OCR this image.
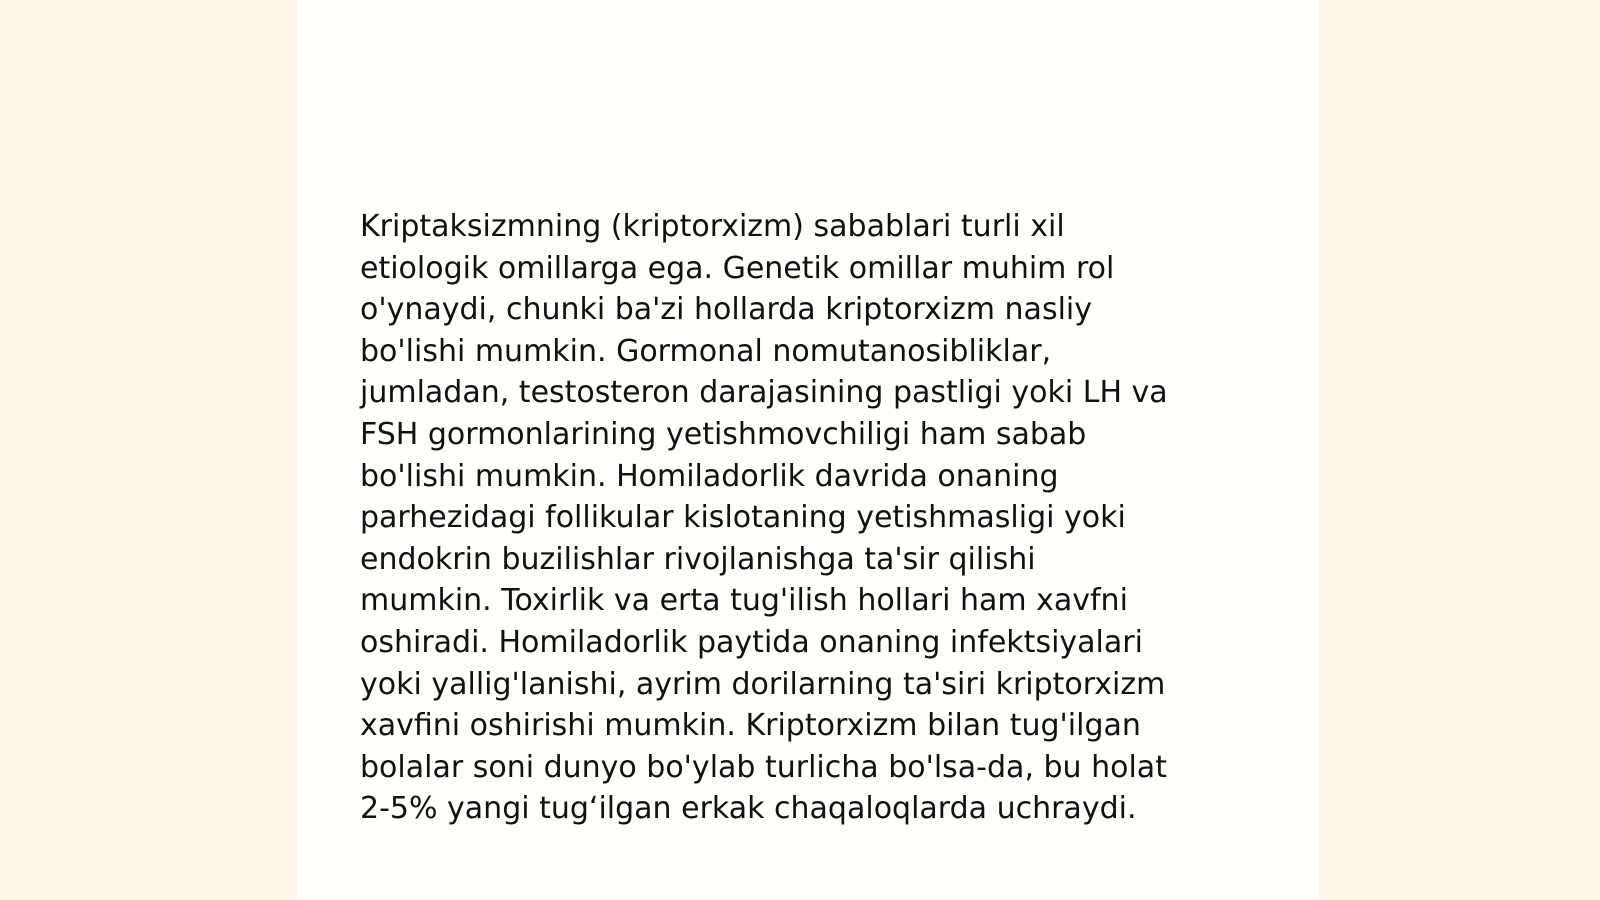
Kriptaksizmning (kriptorxizm) sabablari turli xil
etiologik omillarga ega. Genetik omillar muhim rol
o'ynaydi, chunki ba'zi hollarda kriptorxizm nasliy
bo'lishi mumkin. Gormonal nomutanosibliklar,
jumladan, testosteron darajasining pastligi yoki LH va
FSH gormonlarining yetishmovchiligi ham sabab
bo'lishi mumkin. Homiladorlik davrida onaning
parhezidagi follikular kislotaning yetishmasligi yoki
endokrin buzilishlar rivojlanishga ta'sir qilishi
mumkin. Toxirlik va erta tug'ilish hollari ham xavfni
oshiradi. Homiladorlik paytida onaning infektsiyalari
yoki yallig'lanishi, ayrim dorilarning ta'siri kriptorxizm
xavfini oshirishi mumkin. Kriptorxizm bilan tug'ilgan
bolalar soni dunyo bo'ylab turlicha bo'lsa-da, bu holat
2-5% yangi tug‘ilgan erkak chaqaloqlarda uchraydi.
